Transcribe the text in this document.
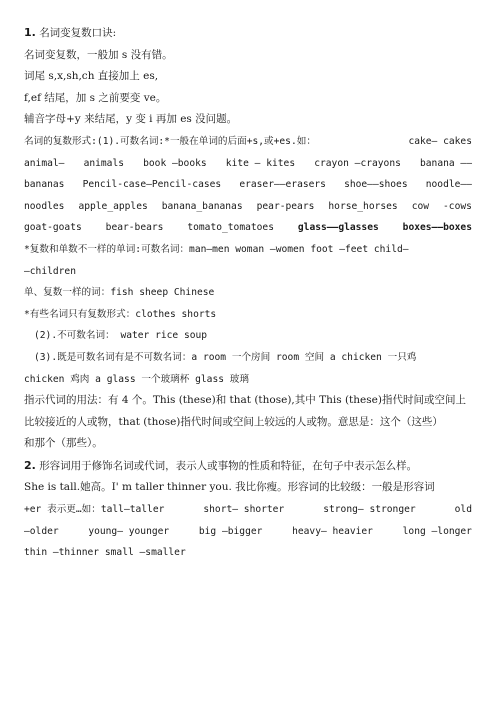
1. 名词变复数口诀:
名词变复数，一般加 s 没有错。
词尾 s,x,sh,ch 直接加上 es,
f,ef 结尾，加 s 之前要变 ve。
辅音字母+y 来结尾，y 变 i 再加 es 没问题。
名词的复数形式:(1).可数名词:*一般在单词的后面+s,或+es.如：	cake— cakes
animal— animals book —books kite — kites crayon —crayons banana ——
bananas Pencil-case—Pencil-cases eraser——erasers shoe——shoes noodle——
noodles apple_apples banana_bananas pear-pears horse_horses cow -cows
goat-goats bear-bears tomato_tomatoes glass——glasses boxes——boxes
*复数和单数不一样的单词:可数名词：man—men woman —women foot —feet child—
—children
单、复数一样的词：fish sheep Chinese
*有些名词只有复数形式：clothes shorts
(2).不可数名词： water rice soup
(3).既是可数名词有是不可数名词：a room 一个房间 room 空间 a chicken 一只鸡
chicken 鸡肉 a glass 一个玻璃杯 glass 玻璃
指示代词的用法：有 4 个。This (these)和 that (those),其中 This (these)指代时间或空间上
比较接近的人或物，that (those)指代时间或空间上较远的人或物。意思是：这个（这些）
和那个（那些）。
2. 形容词用于修饰名词或代词，表示人或事物的性质和特征，在句子中表示怎么样。
She is tall.她高。I' m taller thinner you. 我比你瘦。形容词的比较级：一般是形容词
+er 表示更…如：tall—taller	short— shorter	strong— stronger	old
—older	young— younger	big —bigger	heavy— heavier	long —longer
thin —thinner small —smaller
